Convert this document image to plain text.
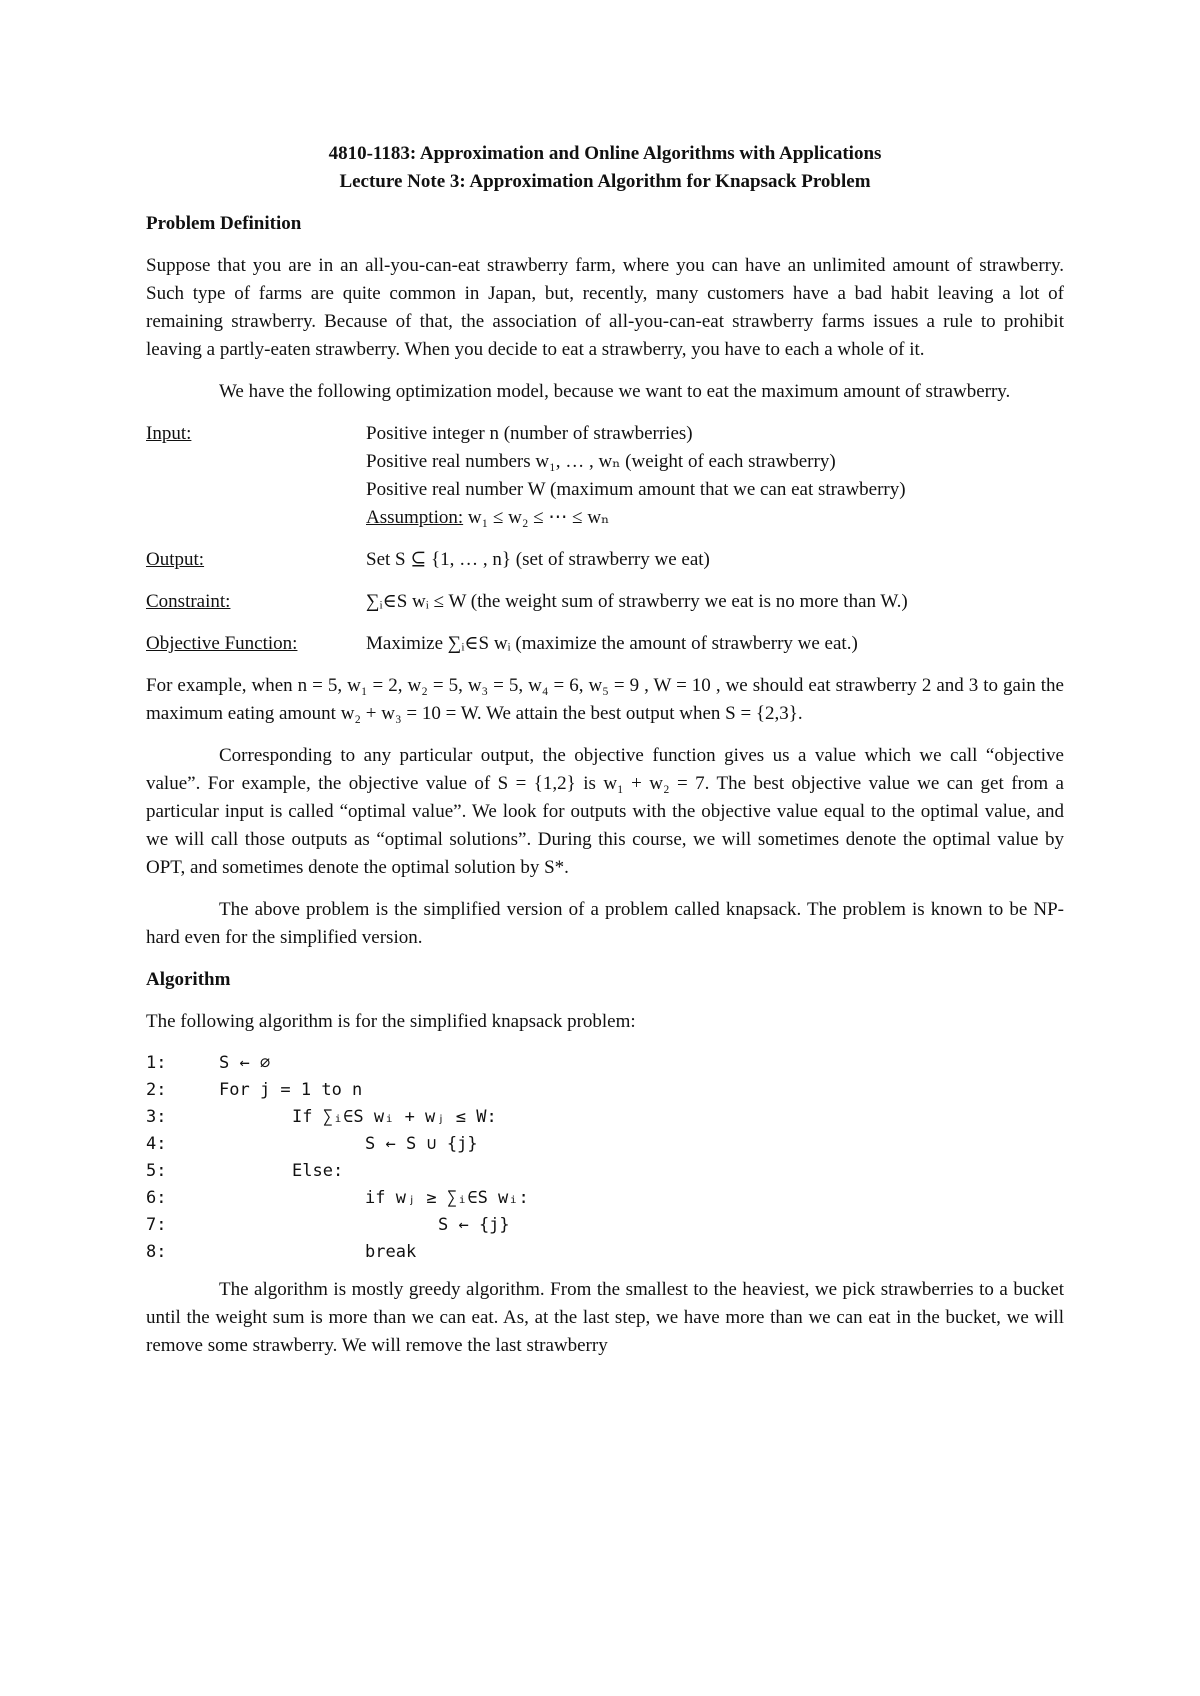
4810-1183: Approximation and Online Algorithms with Applications
Lecture Note 3: Approximation Algorithm for Knapsack Problem
Problem Definition

Suppose that you are in an all-you-can-eat strawberry farm, where you can have an unlimited amount of strawberry. Such type of farms are quite common in Japan, but, recently, many customers have a bad habit leaving a lot of remaining strawberry. Because of that, the association of all-you-can-eat strawberry farms issues a rule to prohibit leaving a partly-eaten strawberry. When you decide to eat a strawberry, you have to each a whole of it.

We have the following optimization model, because we want to eat the maximum amount of strawberry.

Input:	Positive integer n (number of strawberries)
Positive real numbers w₁, … , wₙ (weight of each strawberry)
Positive real number W (maximum amount that we can eat strawberry)
Assumption: w₁ ≤ w₂ ≤ ⋯ ≤ wₙ
Output:	Set S ⊆ {1, … , n} (set of strawberry we eat)
Constraint:	∑ᵢ∈S wᵢ ≤ W (the weight sum of strawberry we eat is no more than W.)
Objective Function:	Maximize ∑ᵢ∈S wᵢ (maximize the amount of strawberry we eat.)

For example, when n = 5, w₁ = 2, w₂ = 5, w₃ = 5, w₄ = 6, w₅ = 9 , W = 10 , we should eat strawberry 2 and 3 to gain the maximum eating amount w₂ + w₃ = 10 = W. We attain the best output when S = {2,3}.

Corresponding to any particular output, the objective function gives us a value which we call “objective value”. For example, the objective value of S = {1,2} is w₁ + w₂ = 7. The best objective value we can get from a particular input is called “optimal value”. We look for outputs with the objective value equal to the optimal value, and we will call those outputs as “optimal solutions”. During this course, we will sometimes denote the optimal value by OPT, and sometimes denote the optimal solution by S*.

The above problem is the simplified version of a problem called knapsack. The problem is known to be NP-hard even for the simplified version.

Algorithm

The following algorithm is for the simplified knapsack problem:

1:	S ← ∅
2:	For j = 1 to n
3:	If ∑ᵢ∈S wᵢ + wⱼ ≤ W:
4:	S ← S ∪ {j}
5:	Else:
6:	if wⱼ ≥ ∑ᵢ∈S wᵢ:
7:	S ← {j}
8:	break

The algorithm is mostly greedy algorithm. From the smallest to the heaviest, we pick strawberries to a bucket until the weight sum is more than we can eat. As, at the last step, we have more than we can eat in the bucket, we will remove some strawberry. We will remove the last strawberry
